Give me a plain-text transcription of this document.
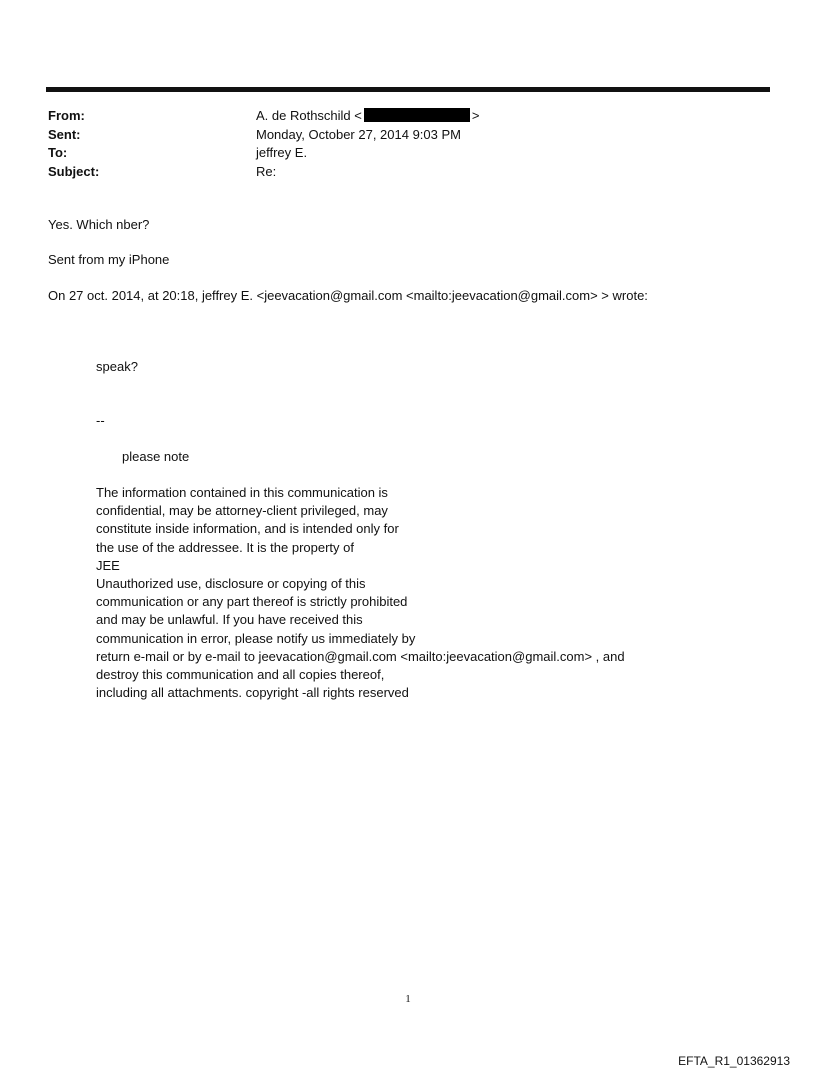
From:	A. de Rothschild <	>
Sent:	Monday, October 27, 2014 9:03 PM
To:	jeffrey E.
Subject:	Re:
Yes. Which nber?
Sent from my iPhone
On 27 oct. 2014, at 20:18, jeffrey E. <jeevacation@gmail.com <mailto:jeevacation@gmail.com> > wrote:
speak?
--
please note
The information contained in this communication is
confidential, may be attorney-client privileged, may
constitute inside information, and is intended only for
the use of the addressee. It is the property of
JEE
Unauthorized use, disclosure or copying of this
communication or any part thereof is strictly prohibited
and may be unlawful. If you have received this
communication in error, please notify us immediately by
return e-mail or by e-mail to jeevacation@gmail.com <mailto:jeevacation@gmail.com> , and
destroy this communication and all copies thereof,
including all attachments. copyright -all rights reserved
1
EFTA_R1_01362913
